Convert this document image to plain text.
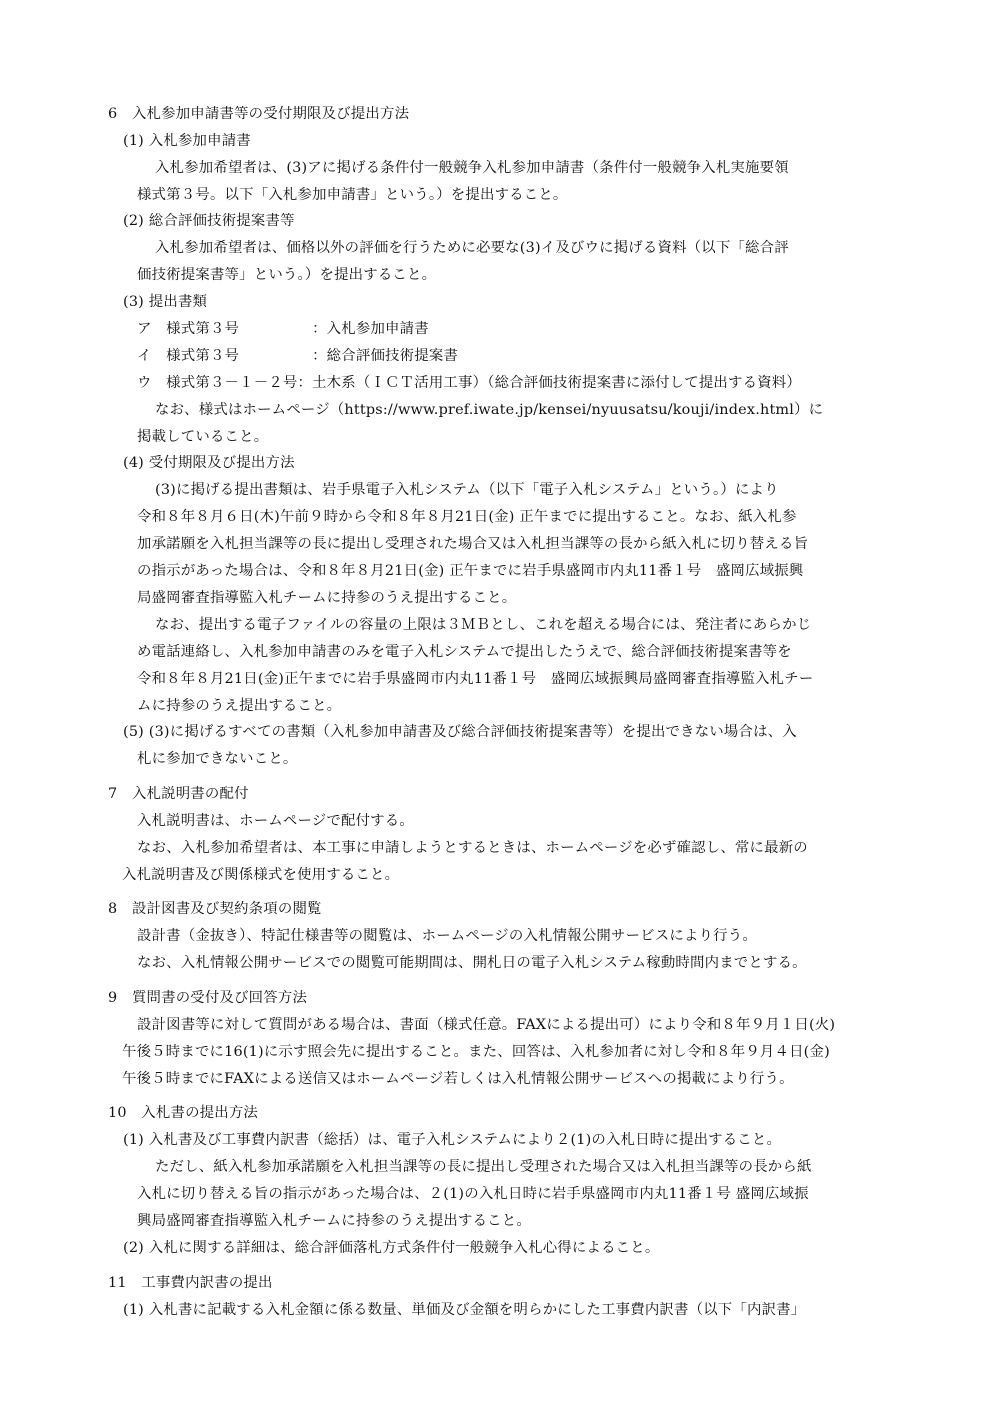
6　入札参加申請書等の受付期限及び提出方法
(1) 入札参加申請書
入札参加希望者は、(3)アに掲げる条件付一般競争入札参加申請書（条件付一般競争入札実施要領
様式第３号。以下「入札参加申請書」という。）を提出すること。
(2) 総合評価技術提案書等
入札参加希望者は、価格以外の評価を行うために必要な(3)イ及びウに掲げる資料（以下「総合評
価技術提案書等」という。）を提出すること。
(3) 提出書類
ア　様式第３号　　　　　：入札参加申請書
イ　様式第３号　　　　　：総合評価技術提案書
ウ　様式第３－１－２号：土木系（ＩＣＴ活用工事）（総合評価技術提案書に添付して提出する資料）
なお、様式はホームページ（https://www.pref.iwate.jp/kensei/nyuusatsu/kouji/index.html）に
掲載していること。
(4) 受付期限及び提出方法
(3)に掲げる提出書類は、岩手県電子入札システム（以下「電子入札システム」という。）により
令和８年８月６日(木)午前９時から令和８年８月21日(金) 正午までに提出すること。なお、紙入札参
加承諾願を入札担当課等の長に提出し受理された場合又は入札担当課等の長から紙入札に切り替える旨
の指示があった場合は、令和８年８月21日(金) 正午までに岩手県盛岡市内丸11番１号　盛岡広域振興
局盛岡審査指導監入札チームに持参のうえ提出すること。
なお、提出する電子ファイルの容量の上限は３ＭＢとし、これを超える場合には、発注者にあらかじ
め電話連絡し、入札参加申請書のみを電子入札システムで提出したうえで、総合評価技術提案書等を
令和８年８月21日(金)正午までに岩手県盛岡市内丸11番１号　盛岡広域振興局盛岡審査指導監入札チー
ムに持参のうえ提出すること。
(5) (3)に掲げるすべての書類（入札参加申請書及び総合評価技術提案書等）を提出できない場合は、入
札に参加できないこと。
7　入札説明書の配付
入札説明書は、ホームページで配付する。
なお、入札参加希望者は、本工事に申請しようとするときは、ホームページを必ず確認し、常に最新の
入札説明書及び関係様式を使用すること。
8　設計図書及び契約条項の閲覧
設計書（金抜き）、特記仕様書等の閲覧は、ホームページの入札情報公開サービスにより行う。
なお、入札情報公開サービスでの閲覧可能期間は、開札日の電子入札システム稼動時間内までとする。
9　質問書の受付及び回答方法
設計図書等に対して質問がある場合は、書面（様式任意。FAXによる提出可）により令和８年９月１日(火)
午後５時までに16(1)に示す照会先に提出すること。また、回答は、入札参加者に対し令和８年９月４日(金)
午後５時までにFAXによる送信又はホームページ若しくは入札情報公開サービスへの掲載により行う。
10　入札書の提出方法
(1) 入札書及び工事費内訳書（総括）は、電子入札システムにより２(1)の入札日時に提出すること。
ただし、紙入札参加承諾願を入札担当課等の長に提出し受理された場合又は入札担当課等の長から紙
入札に切り替える旨の指示があった場合は、２(1)の入札日時に岩手県盛岡市内丸11番１号 盛岡広域振
興局盛岡審査指導監入札チームに持参のうえ提出すること。
(2) 入札に関する詳細は、総合評価落札方式条件付一般競争入札心得によること。
11　工事費内訳書の提出
(1) 入札書に記載する入札金額に係る数量、単価及び金額を明らかにした工事費内訳書（以下「内訳書」
